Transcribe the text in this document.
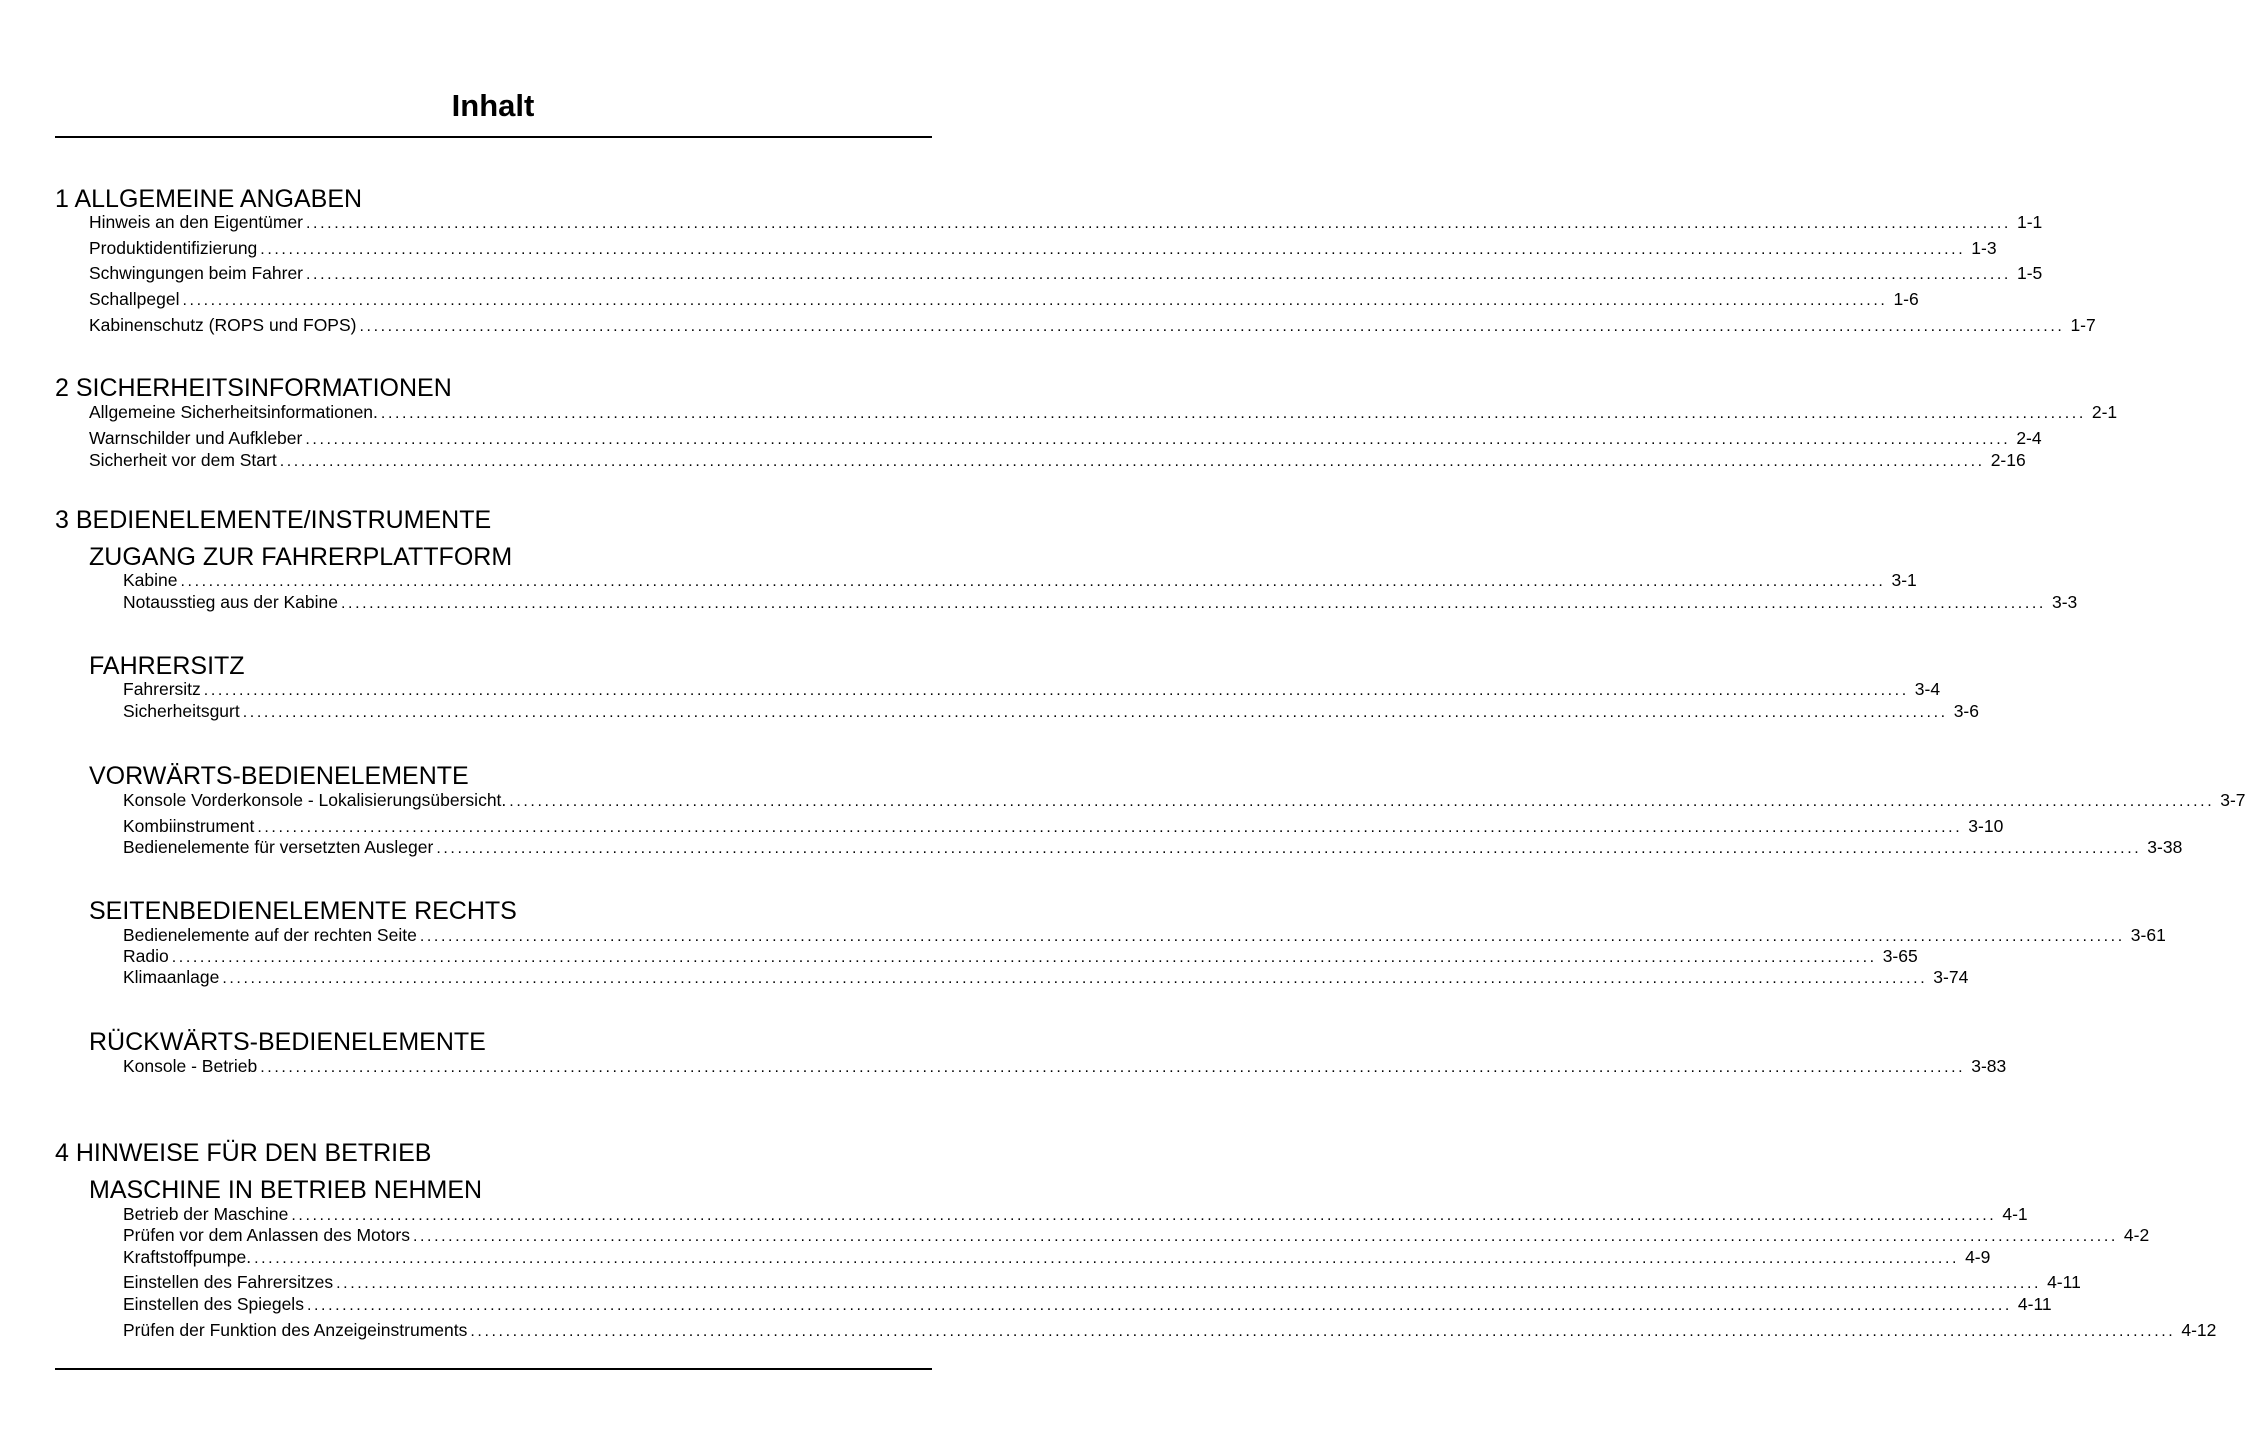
Inhalt
1 ALLGEMEINE ANGABEN
Hinweis an den Eigentümer .................................................................................................................................................................................................................................................. 1-1
Produktidentifizierung .................................................................................................................................................................................................................................................. 1-3
Schwingungen beim Fahrer .................................................................................................................................................................................................................................................. 1-5
Schallpegel .................................................................................................................................................................................................................................................. 1-6
Kabinenschutz (ROPS und FOPS) .................................................................................................................................................................................................................................................. 1-7
2 SICHERHEITSINFORMATIONEN
Allgemeine Sicherheitsinformationen. .................................................................................................................................................................................................................................................. 2-1
Warnschilder und Aufkleber .................................................................................................................................................................................................................................................. 2-4
Sicherheit vor dem Start .................................................................................................................................................................................................................................................. 2-16
3 BEDIENELEMENTE/INSTRUMENTE
ZUGANG ZUR FAHRERPLATTFORM
Kabine .................................................................................................................................................................................................................................................. 3-1
Notausstieg aus der Kabine .................................................................................................................................................................................................................................................. 3-3
FAHRERSITZ
Fahrersitz .................................................................................................................................................................................................................................................. 3-4
Sicherheitsgurt .................................................................................................................................................................................................................................................. 3-6
VORWÄRTS-BEDIENELEMENTE
Konsole Vorderkonsole - Lokalisierungsübersicht. .................................................................................................................................................................................................................................................. 3-7
Kombiinstrument .................................................................................................................................................................................................................................................. 3-10
Bedienelemente für versetzten Ausleger .................................................................................................................................................................................................................................................. 3-38
SEITENBEDIENELEMENTE RECHTS
Bedienelemente auf der rechten Seite .................................................................................................................................................................................................................................................. 3-61
Radio .................................................................................................................................................................................................................................................. 3-65
Klimaanlage .................................................................................................................................................................................................................................................. 3-74
RÜCKWÄRTS-BEDIENELEMENTE
Konsole - Betrieb .................................................................................................................................................................................................................................................. 3-83
4 HINWEISE FÜR DEN BETRIEB
MASCHINE IN BETRIEB NEHMEN
Betrieb der Maschine .................................................................................................................................................................................................................................................. 4-1
Prüfen vor dem Anlassen des Motors .................................................................................................................................................................................................................................................. 4-2
Kraftstoffpumpe. .................................................................................................................................................................................................................................................. 4-9
Einstellen des Fahrersitzes .................................................................................................................................................................................................................................................. 4-11
Einstellen des Spiegels .................................................................................................................................................................................................................................................. 4-11
Prüfen der Funktion des Anzeigeinstruments .................................................................................................................................................................................................................................................. 4-12
